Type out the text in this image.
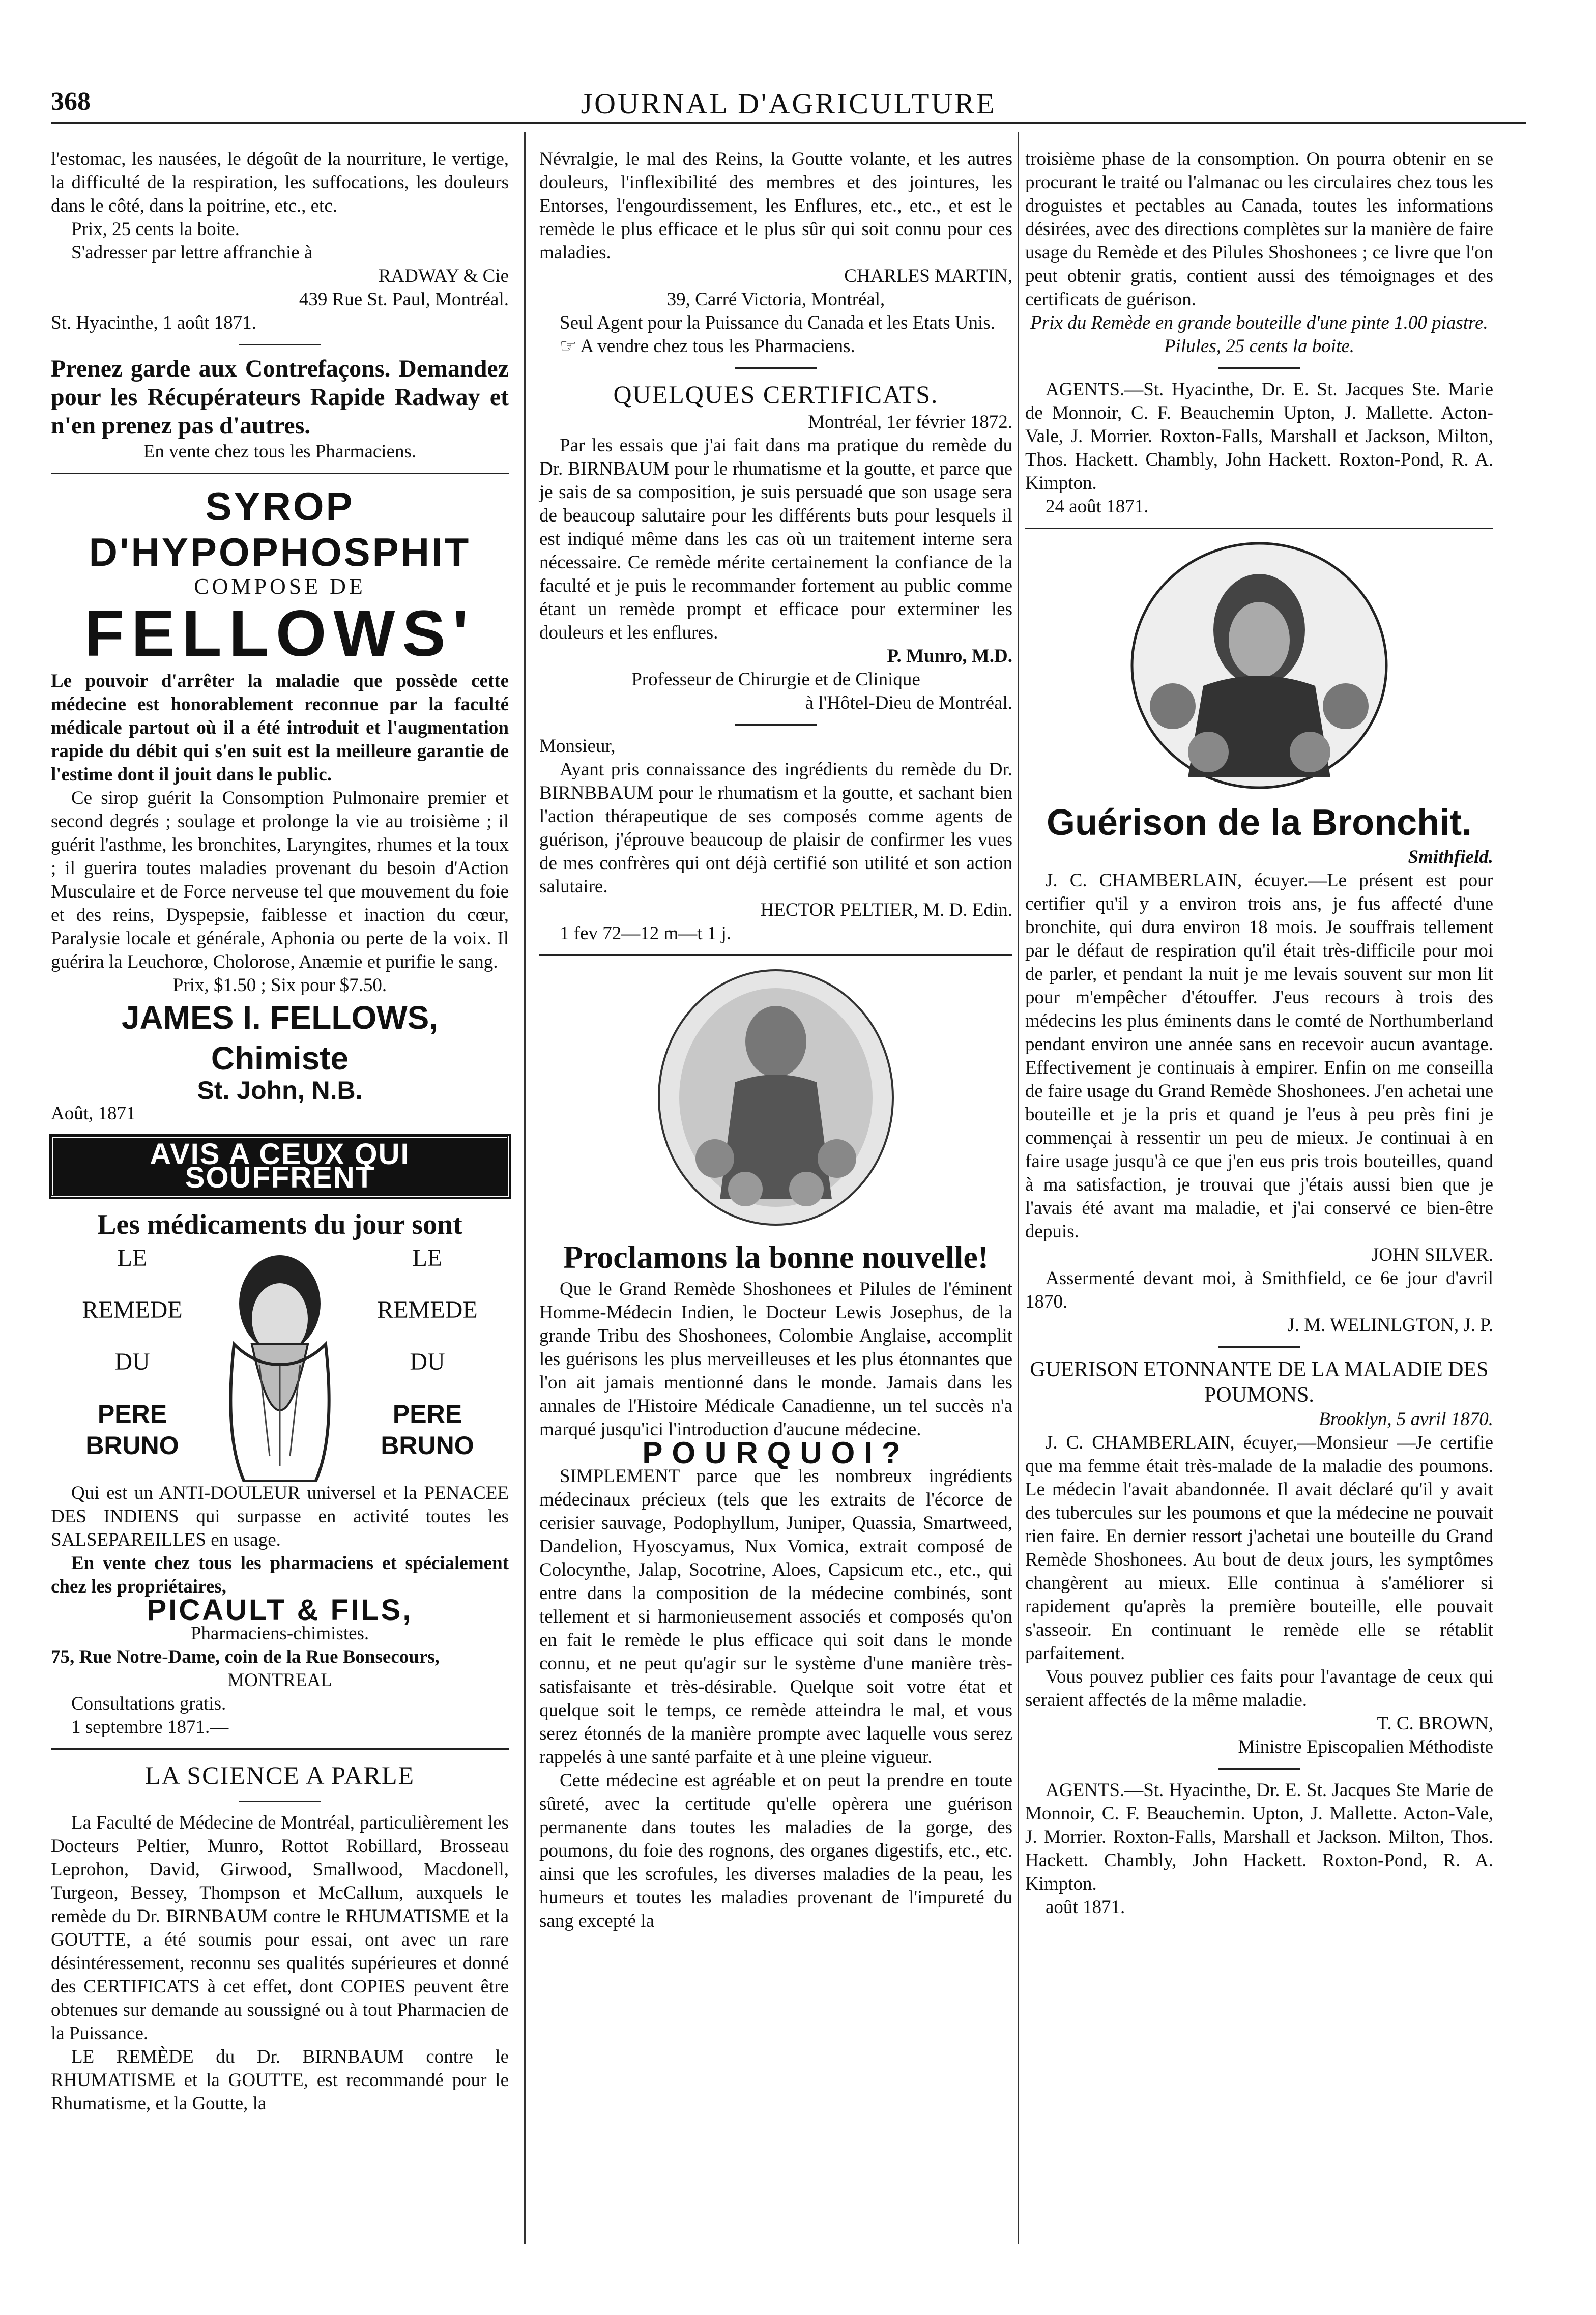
368	JOURNAL D'AGRICULTURE

l'estomac, les nausées, le dégoût de la nourriture, le vertige, la difficulté de la respiration, les suffocations, les douleurs dans le côté, dans la poitrine, etc., etc.

Prix, 25 cents la boite.

S'adresser par lettre affranchie à

RADWAY & Cie

439 Rue St. Paul, Montréal.

St. Hyacinthe, 1 août 1871.

Prenez garde aux Contrefaçons. Demandez pour les Récupérateurs Rapide Radway et n'en prenez pas d'autres.

En vente chez tous les Pharmaciens.

SYROP D'HYPOPHOSPHIT
COMPOSE DE
FELLOWS'

Le pouvoir d'arrêter la maladie que possède cette médecine est honorablement reconnue par la faculté médicale partout où il a été introduit et l'augmentation rapide du débit qui s'en suit est la meilleure garantie de l'estime dont il jouit dans le public.

Ce sirop guérit la Consomption Pulmonaire premier et second degrés ; soulage et prolonge la vie au troisième ; il guérit l'asthme, les bronchites, Laryngites, rhumes et la toux ; il guerira toutes maladies provenant du besoin d'Action Musculaire et de Force nerveuse tel que mouvement du foie et des reins, Dyspepsie, faiblesse et inaction du cœur, Paralysie locale et générale, Aphonia ou perte de la voix. Il guérira la Leuchorœ, Cholorose, Anæmie et purifie le sang.

Prix, $1.50 ; Six pour $7.50.

JAMES I. FELLOWS, Chimiste
St. John, N.B.

Août, 1871

AVIS A CEUX QUI SOUFFRENT
Les médicaments du jour sont
LE
REMEDE
DU
PERE BRUNO
LE
REMEDE
DU
PERE BRUNO

Qui est un ANTI-DOULEUR universel et la PENACEE DES INDIENS qui surpasse en activité toutes les SALSEPAREILLES en usage.

En vente chez tous les pharmaciens et spécialement chez les propriétaires,

PICAULT & FILS,

Pharmaciens-chimistes.

75, Rue Notre-Dame, coin de la Rue Bonsecours,

MONTREAL

Consultations gratis.

1 septembre 1871.—

LA SCIENCE A PARLE

La Faculté de Médecine de Montréal, particulièrement les Docteurs Peltier, Munro, Rottot Robillard, Brosseau Leprohon, David, Girwood, Smallwood, Macdonell, Turgeon, Bessey, Thompson et McCallum, auxquels le remède du Dr. BIRNBAUM contre le RHUMATISME et la GOUTTE, a été soumis pour essai, ont avec un rare désintéressement, reconnu ses qualités supérieures et donné des CERTIFICATS à cet effet, dont COPIES peuvent être obtenues sur demande au soussigné ou à tout Pharmacien de la Puissance.

LE REMÈDE du Dr. BIRNBAUM contre le RHUMATISME et la GOUTTE, est recommandé pour le Rhumatisme, et la Goutte, la

Névralgie, le mal des Reins, la Goutte volante, et les autres douleurs, l'inflexibilité des membres et des jointures, les Entorses, l'engourdissement, les Enflures, etc., etc., et est le remède le plus efficace et le plus sûr qui soit connu pour ces maladies.

CHARLES MARTIN,

39, Carré Victoria, Montréal,

Seul Agent pour la Puissance du Canada et les Etats Unis.

☞ A vendre chez tous les Pharmaciens.

QUELQUES CERTIFICATS.

Montréal, 1er février 1872.

Par les essais que j'ai fait dans ma pratique du remède du Dr. BIRNBAUM pour le rhumatisme et la goutte, et parce que je sais de sa composition, je suis persuadé que son usage sera de beaucoup salutaire pour les différents buts pour lesquels il est indiqué même dans les cas où un traitement interne sera nécessaire. Ce remède mérite certainement la confiance de la faculté et je puis le recommander fortement au public comme étant un remède prompt et efficace pour exterminer les douleurs et les enflures.

P. Munro, M.D.

Professeur de Chirurgie et de Clinique

à l'Hôtel-Dieu de Montréal.

Monsieur,

Ayant pris connaissance des ingrédients du remède du Dr. BIRNBBAUM pour le rhumatism et la goutte, et sachant bien l'action thérapeutique de ses composés comme agents de guérison, j'éprouve beaucoup de plaisir de confirmer les vues de mes confrères qui ont déjà certifié son utilité et son action salutaire.

HECTOR PELTIER, M. D. Edin.

1 fev 72—12 m—t 1 j.

Proclamons la bonne nouvelle!

Que le Grand Remède Shoshonees et Pilules de l'éminent Homme-Médecin Indien, le Docteur Lewis Josephus, de la grande Tribu des Shoshonees, Colombie Anglaise, accomplit les guérisons les plus merveilleuses et les plus étonnantes que l'on ait jamais mentionné dans le monde. Jamais dans les annales de l'Histoire Médicale Canadienne, un tel succès n'a marqué jusqu'ici l'introduction d'aucune médecine.

POURQUOI?

SIMPLEMENT parce que les nombreux ingrédients médecinaux précieux (tels que les extraits de l'écorce de cerisier sauvage, Podophyllum, Juniper, Quassia, Smartweed, Dandelion, Hyoscyamus, Nux Vomica, extrait composé de Colocynthe, Jalap, Socotrine, Aloes, Capsicum etc., etc., qui entre dans la composition de la médecine combinés, sont tellement et si harmonieusement associés et composés qu'on en fait le remède le plus efficace qui soit dans le monde connu, et ne peut qu'agir sur le système d'une manière très-satisfaisante et très-désirable. Quelque soit votre état et quelque soit le temps, ce remède atteindra le mal, et vous serez étonnés de la manière prompte avec laquelle vous serez rappelés à une santé parfaite et à une pleine vigueur.

Cette médecine est agréable et on peut la prendre en toute sûreté, avec la certitude qu'elle opèrera une guérison permanente dans toutes les maladies de la gorge, des poumons, du foie des rognons, des organes digestifs, etc., etc. ainsi que les scrofules, les diverses maladies de la peau, les humeurs et toutes les maladies provenant de l'impureté du sang excepté la

troisième phase de la consomption. On pourra obtenir en se procurant le traité ou l'almanac ou les circulaires chez tous les droguistes et pectables au Canada, toutes les informations désirées, avec des directions complètes sur la manière de faire usage du Remède et des Pilules Shoshonees ; ce livre que l'on peut obtenir gratis, contient aussi des témoignages et des certificats de guérison.

Prix du Remède en grande bouteille d'une pinte 1.00 piastre. Pilules, 25 cents la boite.

AGENTS.—St. Hyacinthe, Dr. E. St. Jacques Ste. Marie de Monnoir, C. F. Beauchemin Upton, J. Mallette. Acton-Vale, J. Morrier. Roxton-Falls, Marshall et Jackson, Milton, Thos. Hackett. Chambly, John Hackett. Roxton-Pond, R. A. Kimpton.

24 août 1871.

Guérison de la Bronchit.

Smithfield.

J. C. CHAMBERLAIN, écuyer.—Le présent est pour certifier qu'il y a environ trois ans, je fus affecté d'une bronchite, qui dura environ 18 mois. Je souffrais tellement par le défaut de respiration qu'il était très-difficile pour moi de parler, et pendant la nuit je me levais souvent sur mon lit pour m'empêcher d'étouffer. J'eus recours à trois des médecins les plus éminents dans le comté de Northumberland pendant environ une année sans en recevoir aucun avantage. Effectivement je continuais à empirer. Enfin on me conseilla de faire usage du Grand Remède Shoshonees. J'en achetai une bouteille et je la pris et quand je l'eus à peu près fini je commençai à ressentir un peu de mieux. Je continuai à en faire usage jusqu'à ce que j'en eus pris trois bouteilles, quand à ma satisfaction, je trouvai que j'étais aussi bien que je l'avais été avant ma maladie, et j'ai conservé ce bien-être depuis.

JOHN SILVER.

Assermenté devant moi, à Smithfield, ce 6e jour d'avril 1870.

J. M. WELINLGTON, J. P.

GUERISON ETONNANTE DE LA MALADIE DES POUMONS.

Brooklyn, 5 avril 1870.

J. C. CHAMBERLAIN, écuyer,—Monsieur —Je certifie que ma femme était très-malade de la maladie des poumons. Le médecin l'avait abandonnée. Il avait déclaré qu'il y avait des tubercules sur les poumons et que la médecine ne pouvait rien faire. En dernier ressort j'achetai une bouteille du Grand Remède Shoshonees. Au bout de deux jours, les symptômes changèrent au mieux. Elle continua à s'améliorer si rapidement qu'après la première bouteille, elle pouvait s'asseoir. En continuant le remède elle se rétablit parfaitement.

Vous pouvez publier ces faits pour l'avantage de ceux qui seraient affectés de la même maladie.

T. C. BROWN,

Ministre Episcopalien Méthodiste

AGENTS.—St. Hyacinthe, Dr. E. St. Jacques Ste Marie de Monnoir, C. F. Beauchemin. Upton, J. Mallette. Acton-Vale, J. Morrier. Roxton-Falls, Marshall et Jackson. Milton, Thos. Hackett. Chambly, John Hackett. Roxton-Pond, R. A. Kimpton.

août 1871.
